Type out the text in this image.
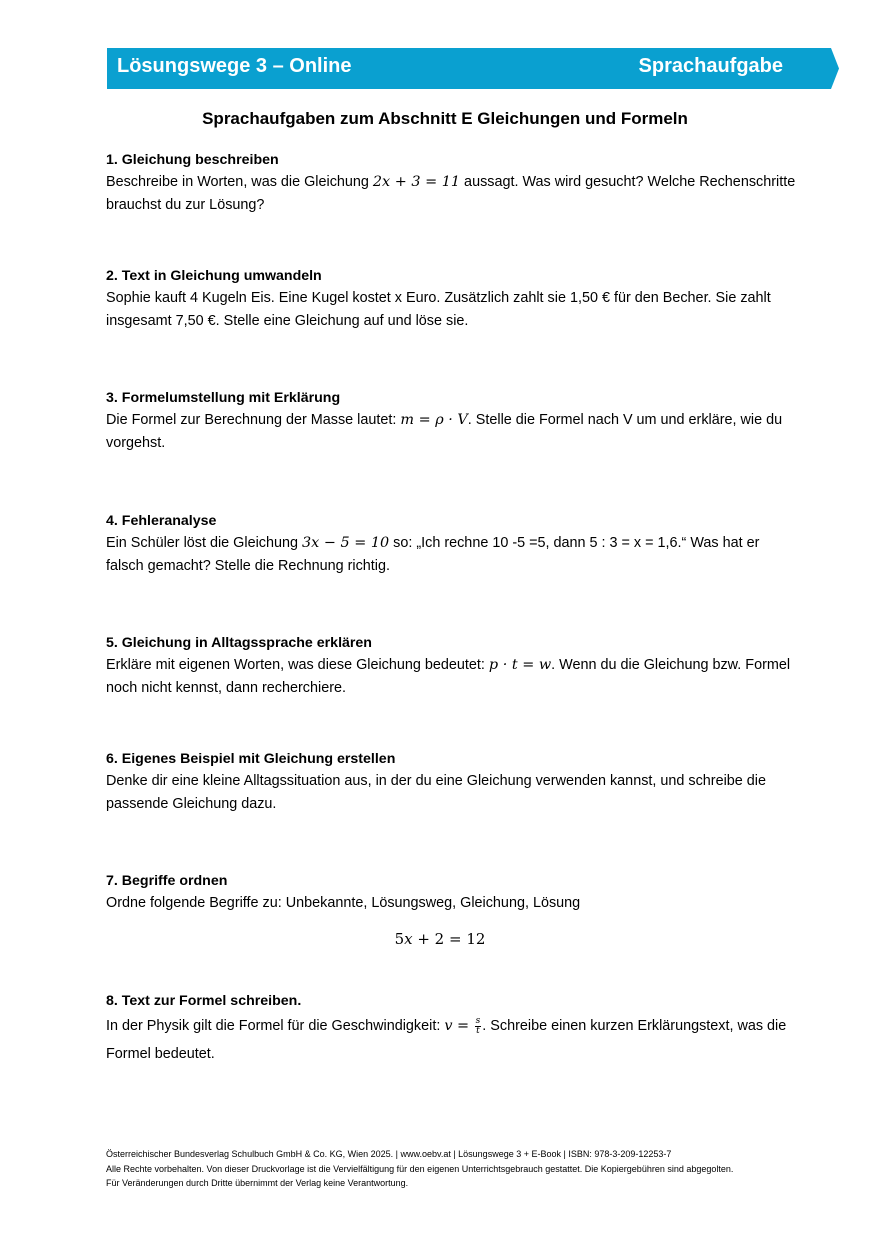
Lösungswege 3 – Online	Sprachaufgabe
Sprachaufgaben zum Abschnitt E Gleichungen und Formeln
1. Gleichung beschreiben

Beschreibe in Worten, was die Gleichung 2x + 3 = 11 aussagt. Was wird gesucht? Welche Rechenschritte brauchst du zur Lösung?

2. Text in Gleichung umwandeln

Sophie kauft 4 Kugeln Eis. Eine Kugel kostet x Euro. Zusätzlich zahlt sie 1,50 € für den Becher. Sie zahlt insgesamt 7,50 €. Stelle eine Gleichung auf und löse sie.

3. Formelumstellung mit Erklärung

Die Formel zur Berechnung der Masse lautet: m = ρ · V. Stelle die Formel nach V um und erkläre, wie du vorgehst.

4. Fehleranalyse

Ein Schüler löst die Gleichung 3x − 5 = 10 so: „Ich rechne 10 -5 =5, dann 5 : 3 = x = 1,6.“ Was hat er falsch gemacht? Stelle die Rechnung richtig.

5. Gleichung in Alltagssprache erklären

Erkläre mit eigenen Worten, was diese Gleichung bedeutet: p · t = w. Wenn du die Gleichung bzw. Formel noch nicht kennst, dann recherchiere.

6. Eigenes Beispiel mit Gleichung erstellen

Denke dir eine kleine Alltagssituation aus, in der du eine Gleichung verwenden kannst, und schreibe die passende Gleichung dazu.

7. Begriffe ordnen

Ordne folgende Begriffe zu: Unbekannte, Lösungsweg, Gleichung, Lösung

5x + 2 = 12
8. Text zur Formel schreiben.

In der Physik gilt die Formel für die Geschwindigkeit: $v = \frac{s}{t}$ . Schreibe einen kurzen Erklärungstext, was die Formel bedeutet.

Österreichischer Bundesverlag Schulbuch GmbH & Co. KG, Wien 2025. | www.oebv.at | Lösungswege 3 + E-Book | ISBN: 978-3-209-12253-7
Alle Rechte vorbehalten. Von dieser Druckvorlage ist die Vervielfältigung für den eigenen Unterrichtsgebrauch gestattet. Die Kopiergebühren sind abgegolten.
Für Veränderungen durch Dritte übernimmt der Verlag keine Verantwortung.
